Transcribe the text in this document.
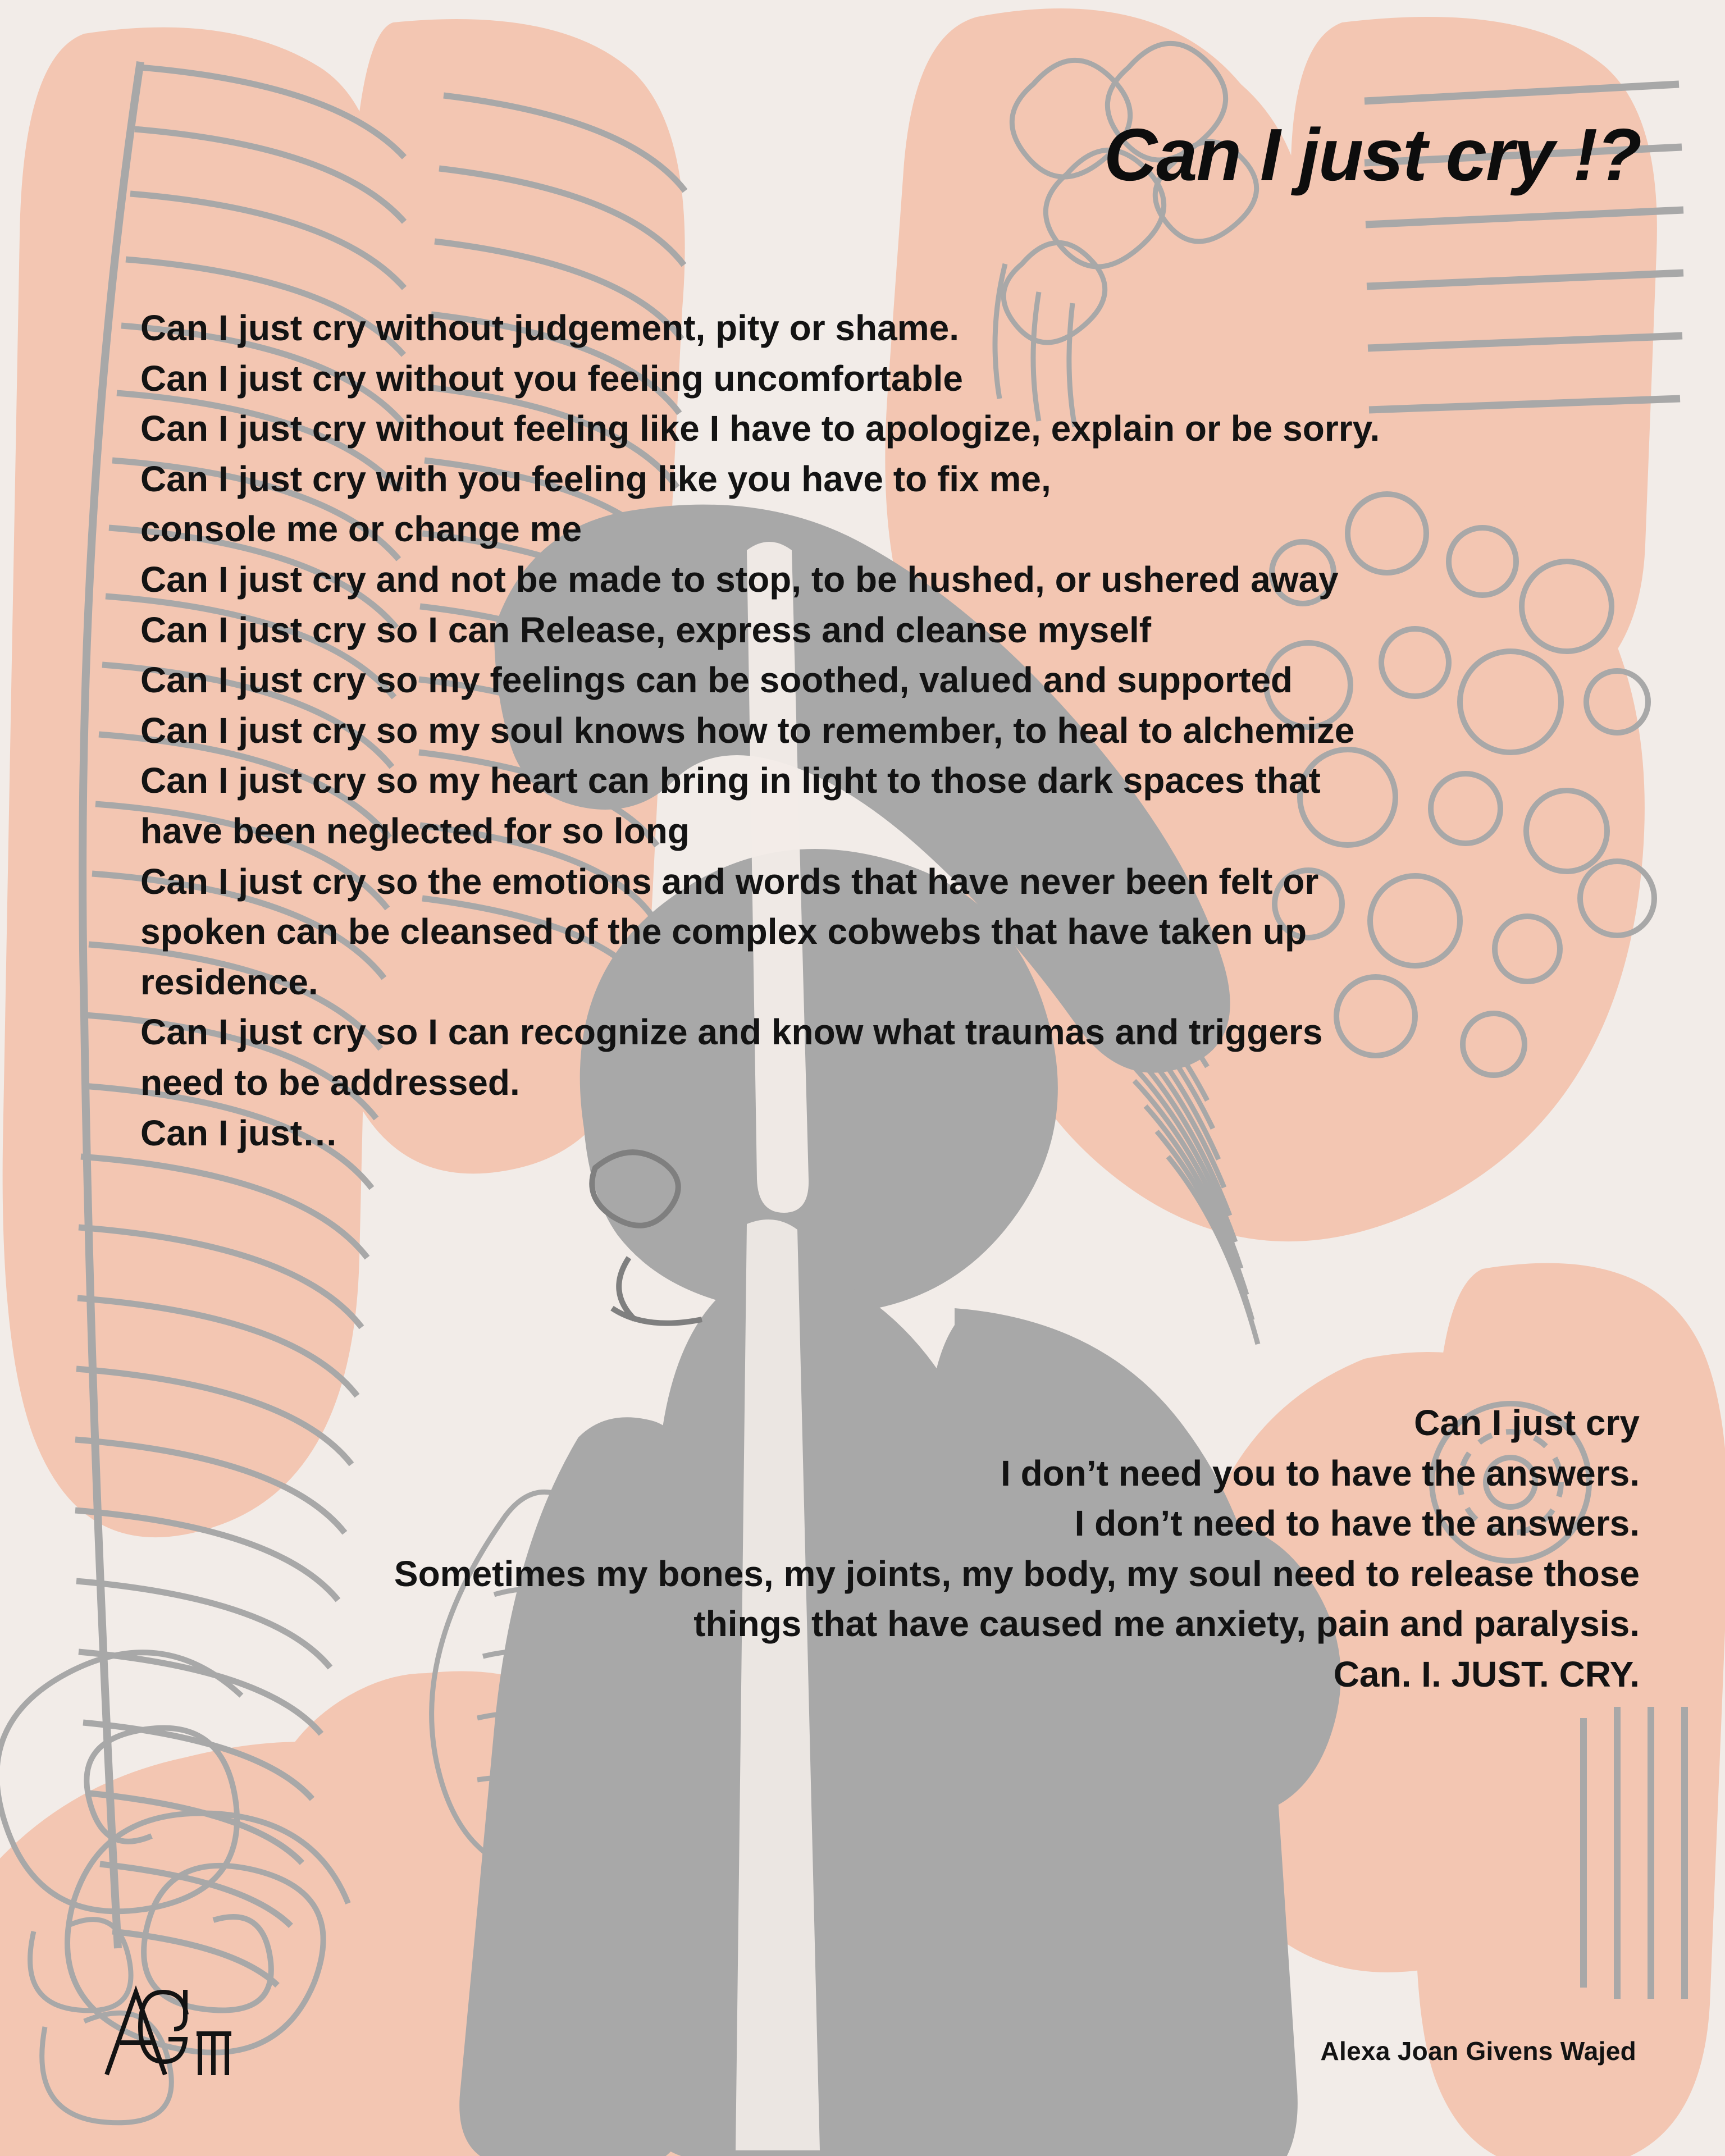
Can I just cry !?

Can I just cry without judgement, pity or shame.

Can I just cry without you feeling uncomfortable

Can I just cry without feeling like I have to apologize, explain or be sorry.

Can I just cry with you feeling like you have to fix me,

console me or change me

Can I just cry and not be made to stop, to be hushed, or ushered away

Can I just cry so I can Release, express and cleanse myself

Can I just cry so my feelings can be soothed, valued and supported

Can I just cry so my soul knows how to remember, to heal to alchemize

Can I just cry so my heart can bring in light to those dark spaces that

have been neglected for so long

Can I just cry so the emotions and words that have never been felt or

spoken can be cleansed of the complex cobwebs that have taken up

residence.

Can I just cry so I can recognize and know what traumas and triggers

need to be addressed.

Can I just…

Can I just cry

I don’t need you to have the answers.

I don’t need to have the answers.

Sometimes my bones, my joints, my body, my soul need to release those

things that have caused me anxiety, pain and paralysis.

Can. I. JUST. CRY.

Alexa Joan Givens Wajed
